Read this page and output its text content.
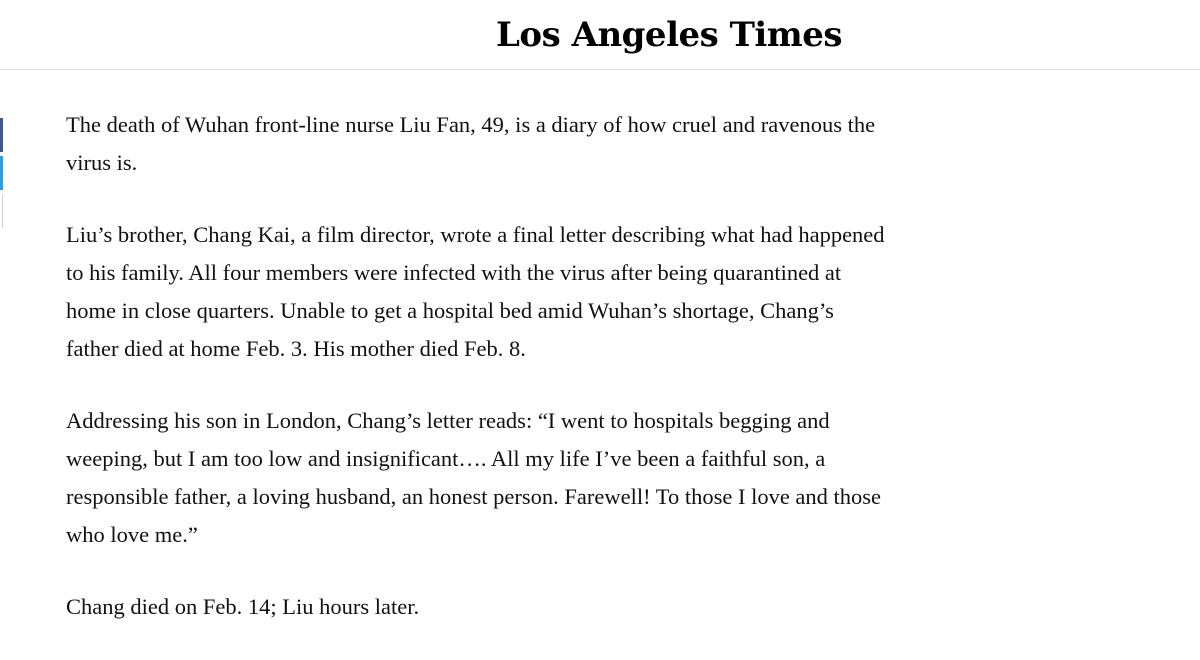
Los Angeles Times

The death of Wuhan front-line nurse Liu Fan, 49, is a diary of how cruel and ravenous the virus is.

Liu’s brother, Chang Kai, a film director, wrote a final letter describing what had happened to his family. All four members were infected with the virus after being quarantined at home in close quarters. Unable to get a hospital bed amid Wuhan’s shortage, Chang’s father died at home Feb. 3. His mother died Feb. 8.

Addressing his son in London, Chang’s letter reads: “I went to hospitals begging and weeping, but I am too low and insignificant…. All my life I’ve been a faithful son, a responsible father, a loving husband, an honest person. Farewell! To those I love and those who love me.”

Chang died on Feb. 14; Liu hours later.
